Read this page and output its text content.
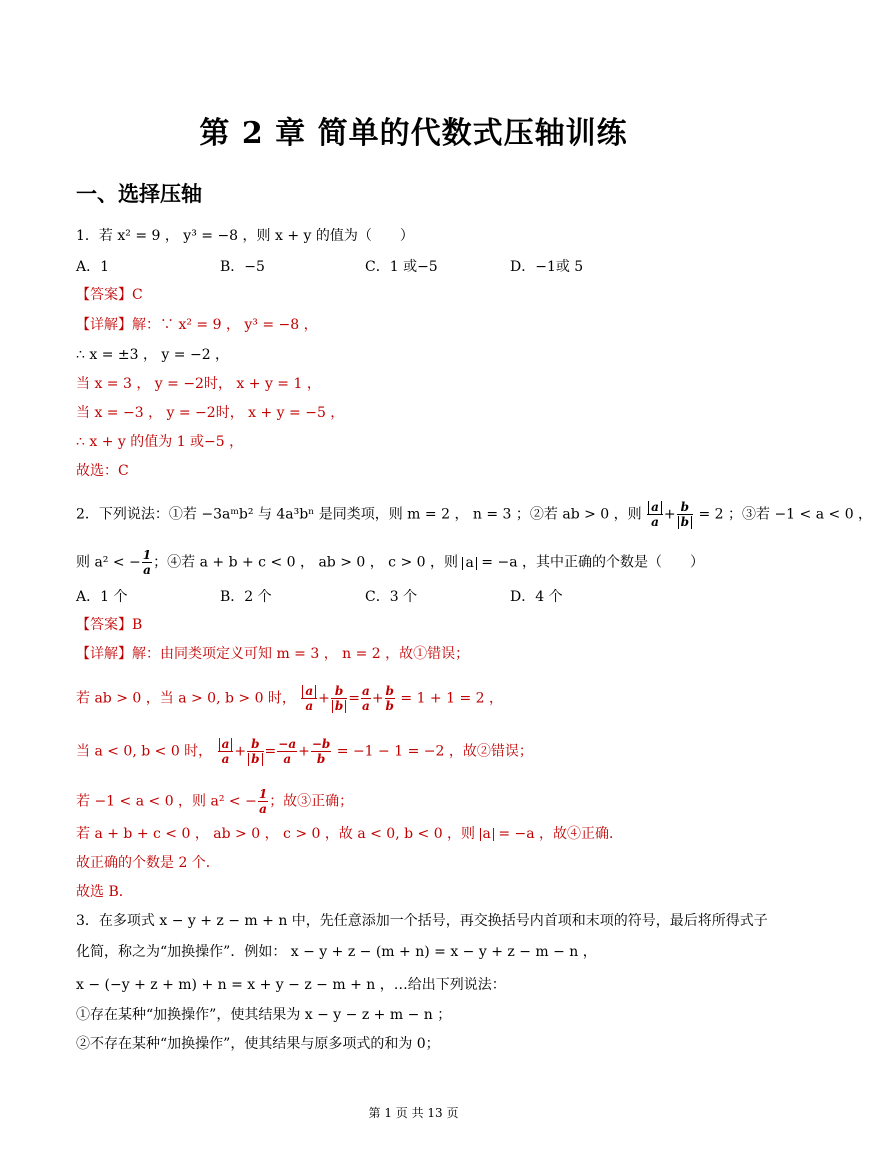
第 2 章 简单的代数式压轴训练
一、选择压轴
1．若 x² = 9 ， y³ = −8 ，则 x + y 的值为（　　）
A．1	B．−5	C．1 或−5	D．−1或 5
【答案】C
【详解】解：∵ x² = 9 ， y³ = −8 ，
∴ x = ±3 ， y = −2 ，
当 x = 3 ， y = −2时， x + y = 1 ，
当 x = −3 ， y = −2时， x + y = −5 ，
∴ x + y 的值为 1 或−5 ，
故选：C
2．下列说法：①若 −3aᵐb² 与 4a³bⁿ 是同类项，则 m = 2 ， n = 3 ；②若 ab > 0 ，则 $\frac{a}{a} + \frac{b}{b} = 2$ ；③若 −1 < a < 0 ，
则 a² < − $\frac{1}{a}$ ；④若 a + b + c < 0 ， ab > 0 ， c > 0 ，则 a = −a ，其中正确的个数是（　　）
A．1 个	B．2 个	C．3 个	D．4 个
【答案】B
【详解】解：由同类项定义可知 m = 3 ， n = 2 ，故①错误；
若 ab > 0 ，当 a > 0, b > 0 时， $\frac{a}{a} + \frac{b}{b} = \frac{a}{a} + \frac{b}{b} = 1 + 1 = 2$ ，
当 a < 0, b < 0 时， $\frac{a}{a} + \frac{b}{b} = \frac{-a}{a} + \frac{-b}{b} = -1 - 1 = -2$ ，故②错误；
若 −1 < a < 0 ，则 a² < − $\frac{1}{a}$ ；故③正确；
若 a + b + c < 0 ， ab > 0 ， c > 0 ，故 a < 0, b < 0 ，则 a = −a ，故④正确．
故正确的个数是 2 个．
故选 B．
3．在多项式 x − y + z − m + n 中，先任意添加一个括号，再交换括号内首项和末项的符号，最后将所得式子
化简，称之为“加换操作”．例如： x − y + z − (m + n) = x − y + z − m − n ，
x − (−y + z + m) + n = x + y − z − m + n ，…给出下列说法：
①存在某种“加换操作”，使其结果为 x − y − z + m − n ；
②不存在某种“加换操作”，使其结果与原多项式的和为 0；
第 1 页 共 13 页
